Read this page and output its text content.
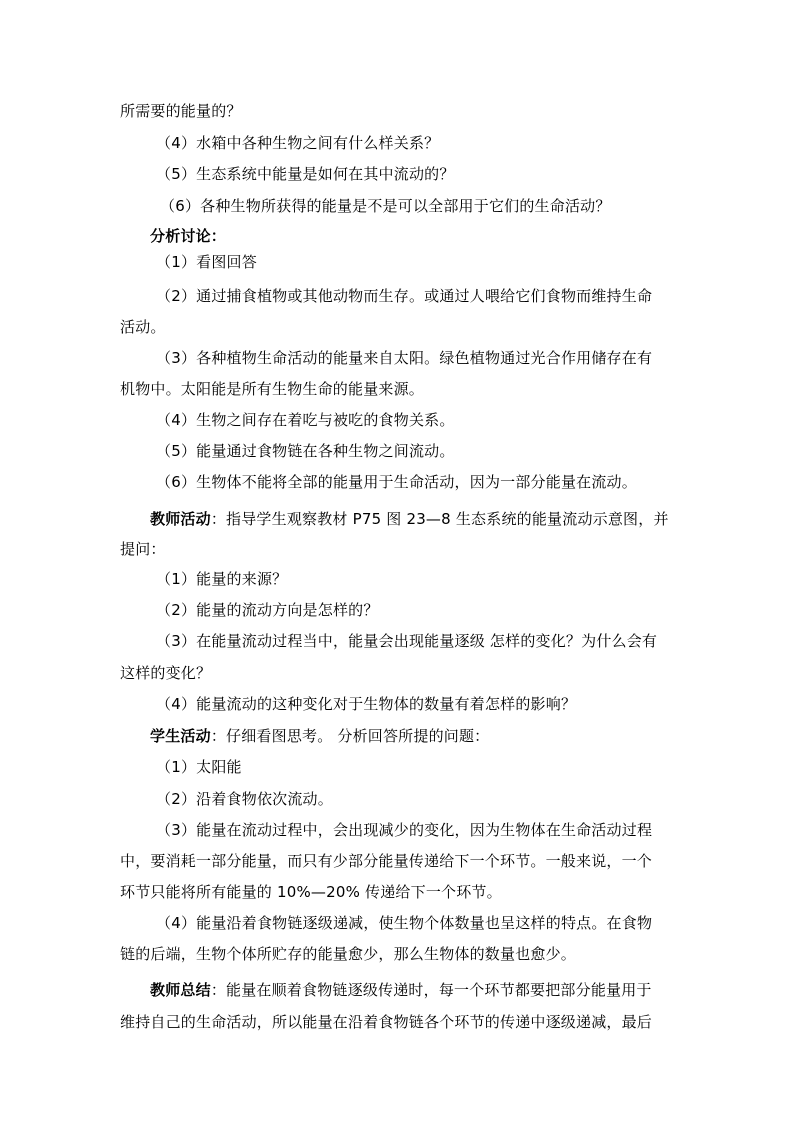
所需要的能量的？
（4）水箱中各种生物之间有什么样关系？
（5）生态系统中能量是如何在其中流动的？
（6）各种生物所获得的能量是不是可以全部用于它们的生命活动？
分析讨论：
（1）看图回答
（2）通过捕食植物或其他动物而生存。或通过人喂给它们食物而维持生命
活动。
（3）各种植物生命活动的能量来自太阳。绿色植物通过光合作用储存在有
机物中。太阳能是所有生物生命的能量来源。
（4）生物之间存在着吃与被吃的食物关系。
（5）能量通过食物链在各种生物之间流动。
（6）生物体不能将全部的能量用于生命活动，因为一部分能量在流动。
教师活动：指导学生观察教材 P75 图 23—8 生态系统的能量流动示意图，并
提问：
（1）能量的来源？
（2）能量的流动方向是怎样的？
（3）在能量流动过程当中，能量会出现能量逐级 怎样的变化？为什么会有
这样的变化？
（4）能量流动的这种变化对于生物体的数量有着怎样的影响？
学生活动：仔细看图思考。 分析回答所提的问题：
（1）太阳能
（2）沿着食物依次流动。
（3）能量在流动过程中，会出现减少的变化，因为生物体在生命活动过程
中，要消耗一部分能量，而只有少部分能量传递给下一个环节。一般来说，一个
环节只能将所有能量的 10%—20% 传递给下一个环节。
（4）能量沿着食物链逐级递减，使生物个体数量也呈这样的特点。在食物
链的后端，生物个体所贮存的能量愈少，那么生物体的数量也愈少。
教师总结：能量在顺着食物链逐级传递时，每一个环节都要把部分能量用于
维持自己的生命活动，所以能量在沿着食物链各个环节的传递中逐级递减，最后
